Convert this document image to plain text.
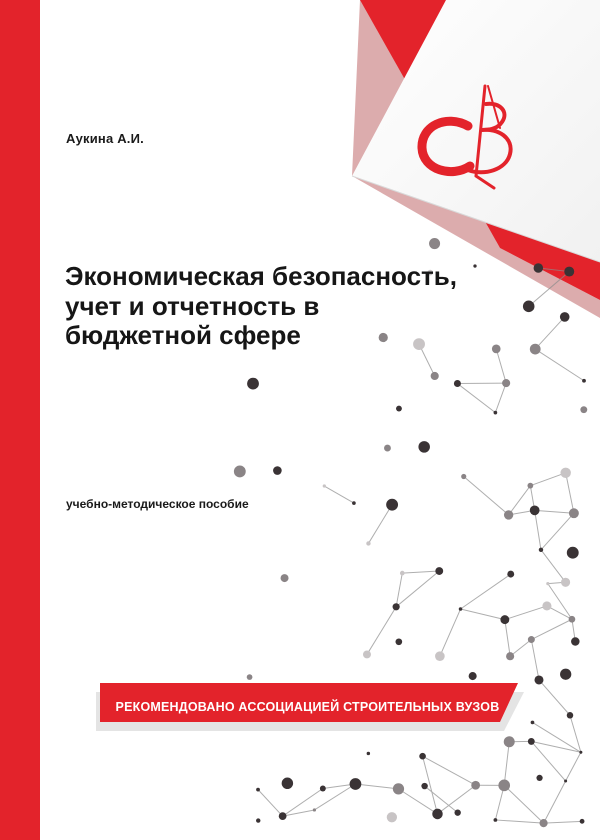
Аукина А.И.
Экономическая безопасность, учет и отчетность в бюджетной сфере
учебно-методическое пособие
РЕКОМЕНДОВАНО АССОЦИАЦИЕЙ СТРОИТЕЛЬНЫХ ВУЗОВ
